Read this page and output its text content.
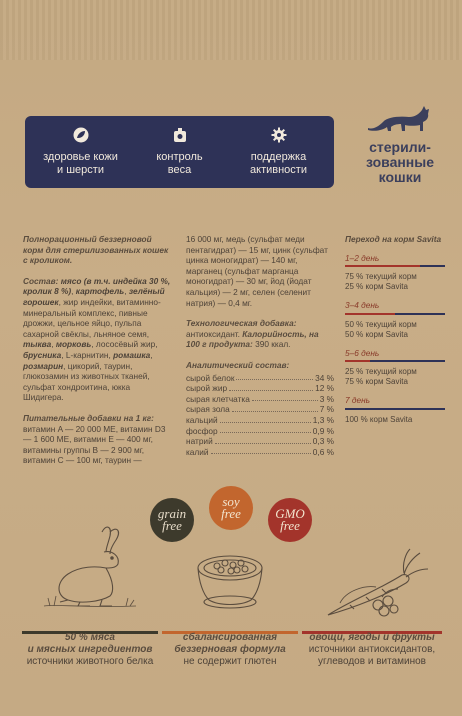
здоровье кожи
и шерсти
контроль
веса
поддержка
активности
стерили-
зованные
кошки

Полнорационный беззерновой корм для стерилизованных кошек с кроликом.

Состав: мясо (в т.ч. индейка 30 %, кролик 8 %), картофель, зелёный горошек, жир индейки, витаминно-минеральный комплекс, пивные дрожжи, цельное яйцо, пульпа сахарной свёклы, льняное семя, тыква, морковь, лососёвый жир, брусника, L-карнитин, ромашка, розмарин, цикорий, таурин, глюкозамин из животных тканей, сульфат хондроитина, юкка Шидигера.

Питательные добавки на 1 кг:

витамин A — 20 000 МЕ, витамин D3 — 1 600 МЕ, витамин E — 400 мг, витамины группы B — 2 900 мг, витамин C — 100 мг, таурин —

16 000 мг, медь (сульфат меди пентагидрат) — 15 мг, цинк (сульфат цинка моногидрат) — 140 мг, марганец (сульфат марганца моногидрат) — 30 мг, йод (йодат кальция) — 2 мг, селен (селенит натрия) — 0,4 мг.

Технологическая добавка:
антиоксидант. Калорийность, на 100 г продукта: 390 ккал.

Аналитический состав:

сырой белок	34 %
сырой жир	12 %
сырая клетчатка	3 %
сырая зола	7 %
кальций	1,3 %
фосфор	0,9 %
натрий	0,3 %
калий	0,6 %

Переход на корм Savita

1–2 день
75 % текущий корм
25 % корм Savita
3–4 день
50 % текущий корм
50 % корм Savita
5–6 день
25 % текущий корм
75 % корм Savita
7 день
100 % корм Savita
grain
free
soy
free	GMO
free
50 % мяса
и мясных ингредиентов
источники животного белка
сбалансированная
беззерновая формула
не содержит глютен
овощи, ягоды и фрукты
источники антиоксидантов,
углеводов и витаминов
